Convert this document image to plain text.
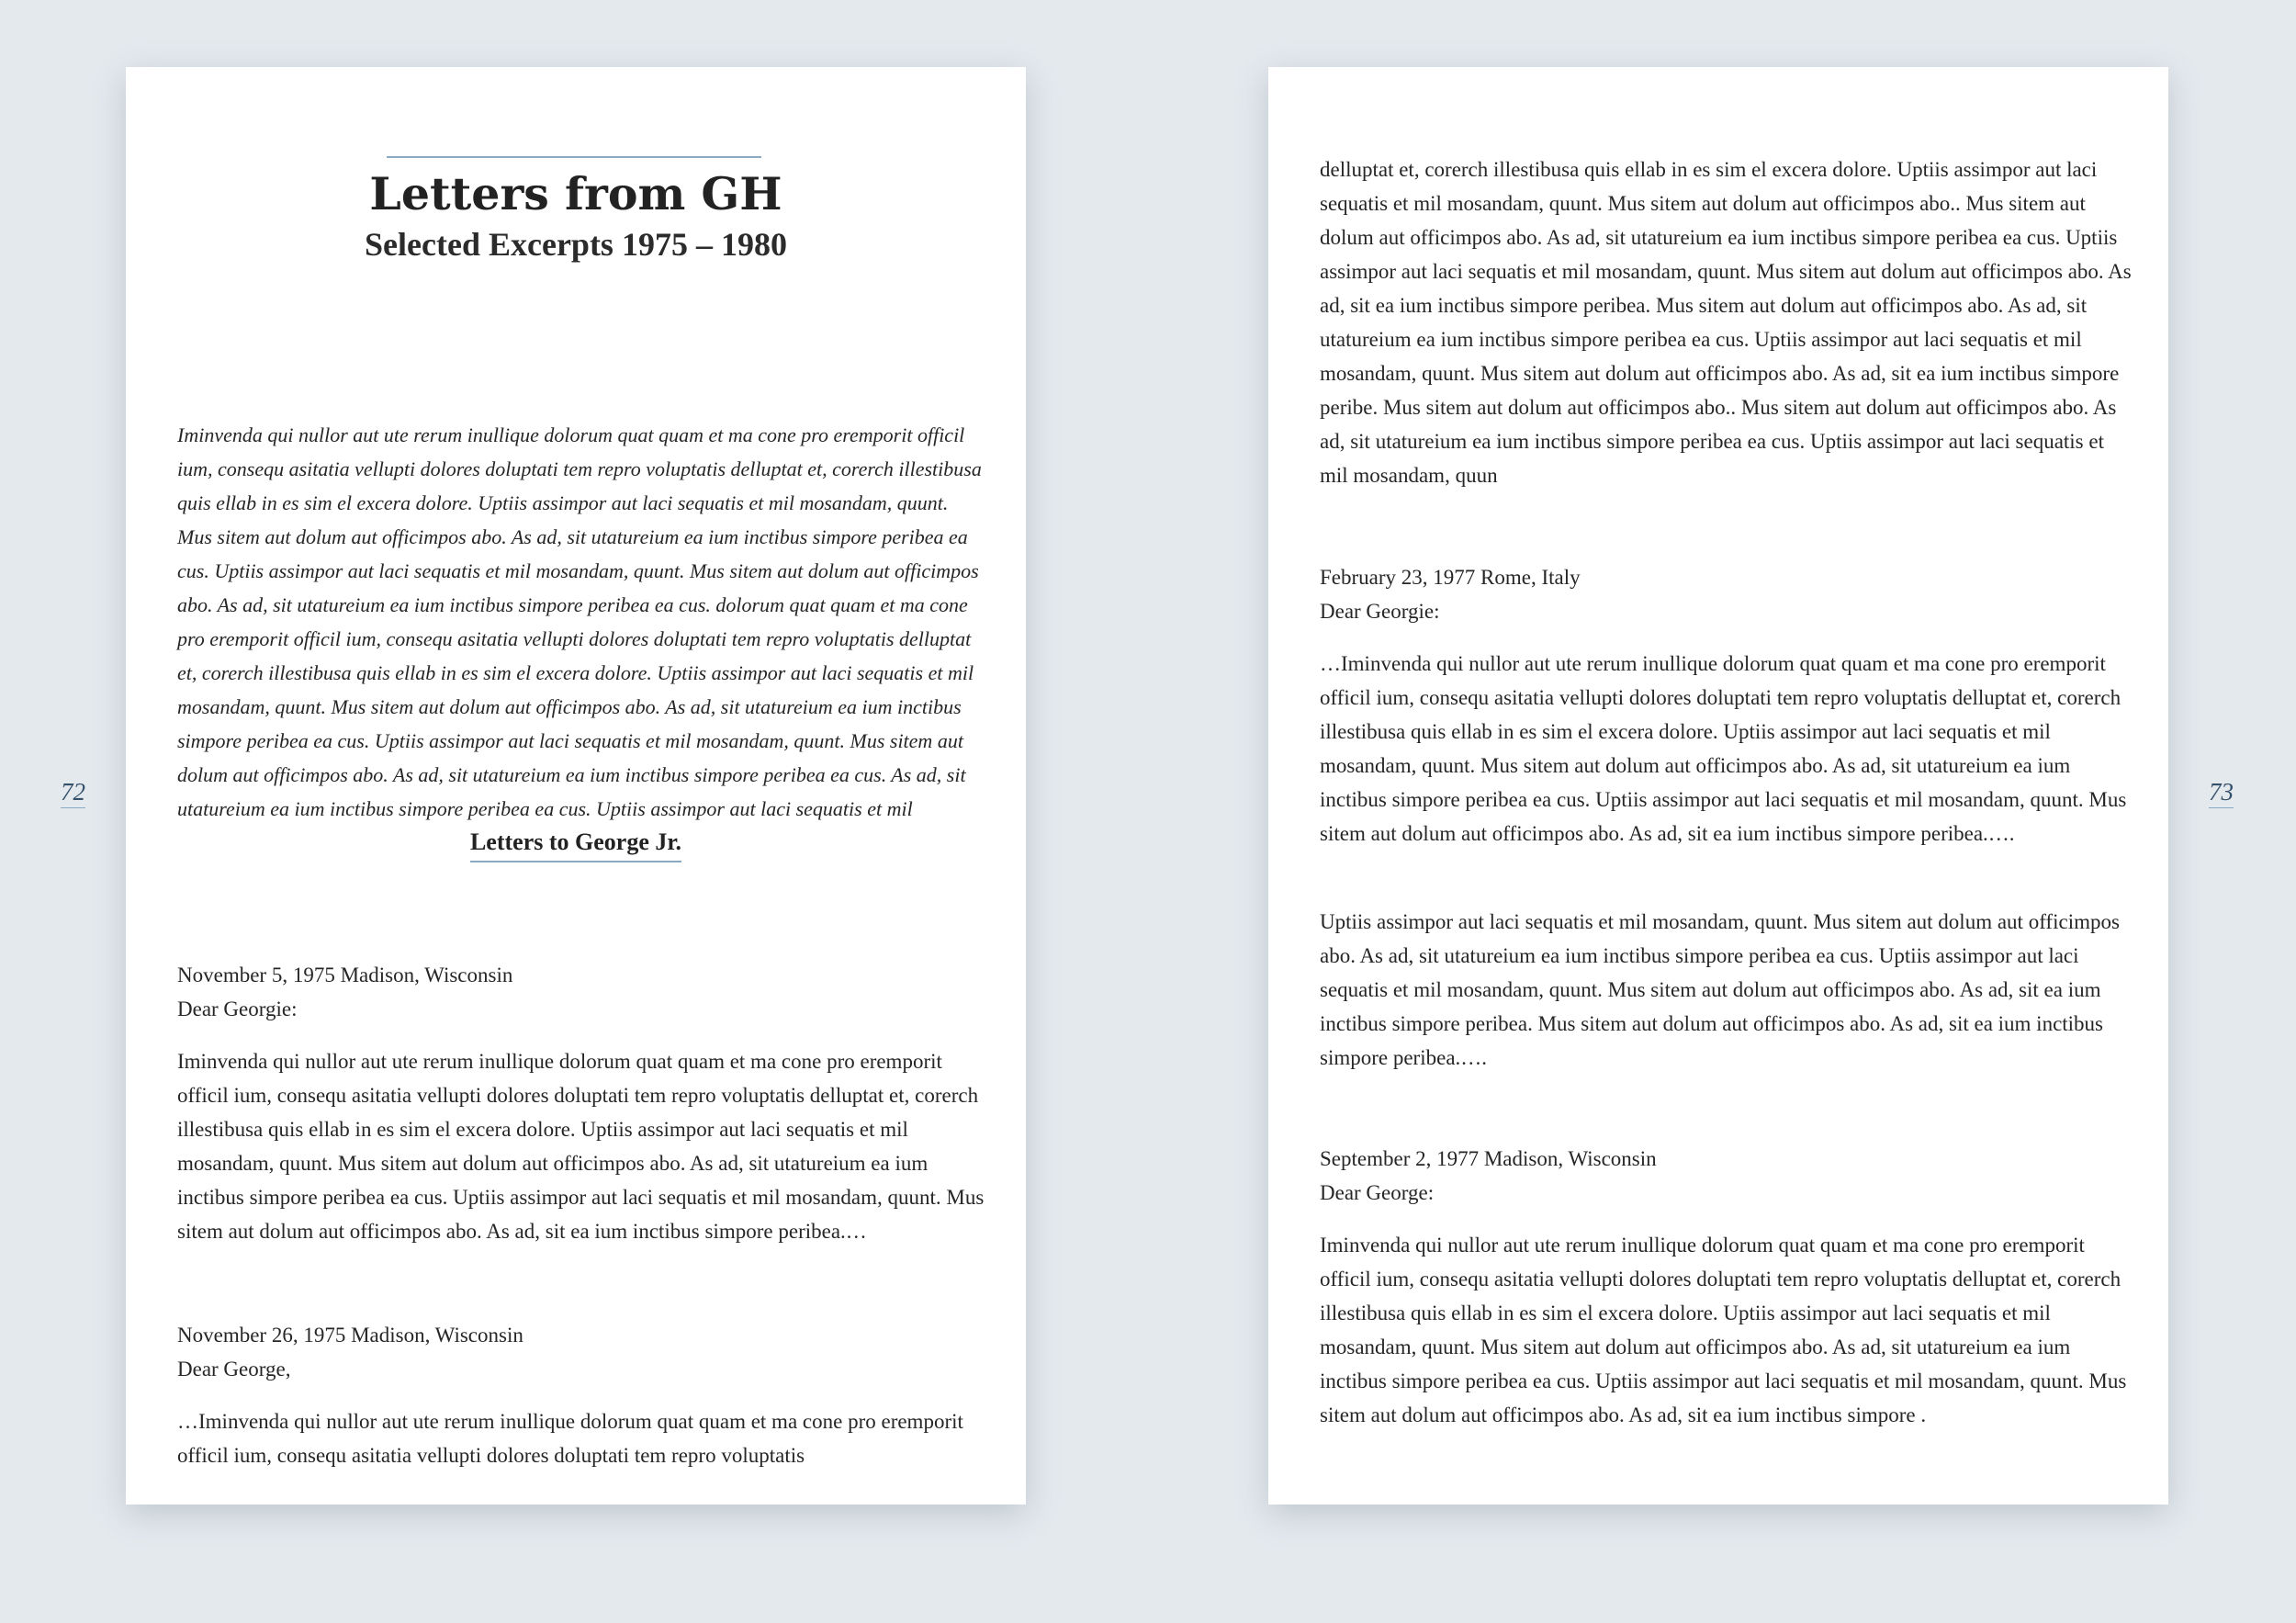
Letters from GH
Selected Excerpts 1975 – 1980

Iminvenda qui nullor aut ute rerum inullique dolorum quat quam et ma cone pro eremporit officil ium, consequ asitatia vellupti dolores doluptati tem repro voluptatis delluptat et, corerch illestibusa quis ellab in es sim el excera dolore. Uptiis assimpor aut laci sequatis et mil mosandam, quunt. Mus sitem aut dolum aut officimpos abo. As ad, sit utatureium ea ium inctibus simpore peribea ea cus. Uptiis assimpor aut laci sequatis et mil mosandam, quunt. Mus sitem aut dolum aut officimpos abo. As ad, sit utatureium ea ium inctibus simpore peribea ea cus. dolorum quat quam et ma cone pro eremporit officil ium, consequ asitatia vellupti dolores doluptati tem repro voluptatis delluptat et, corerch illestibusa quis ellab in es sim el excera dolore. Uptiis assimpor aut laci sequatis et mil mosandam, quunt. Mus sitem aut dolum aut officimpos abo. As ad, sit utatureium ea ium inctibus simpore peribea ea cus. Uptiis assimpor aut laci sequatis et mil mosandam, quunt. Mus sitem aut dolum aut officimpos abo. As ad, sit utatureium ea ium inctibus simpore peribea ea cus. As ad, sit utatureium ea ium inctibus simpore peribea ea cus. Uptiis assimpor aut laci sequatis et mil

Letters to George Jr.

November 5, 1975 Madison, Wisconsin

Dear Georgie:

Iminvenda qui nullor aut ute rerum inullique dolorum quat quam et ma cone pro eremporit officil ium, consequ asitatia vellupti dolores doluptati tem repro voluptatis delluptat et, corerch illestibusa quis ellab in es sim el excera dolore. Uptiis assimpor aut laci sequatis et mil mosandam, quunt. Mus sitem aut dolum aut officimpos abo. As ad, sit utatureium ea ium inctibus simpore peribea ea cus. Uptiis assimpor aut laci sequatis et mil mosandam, quunt. Mus sitem aut dolum aut officimpos abo. As ad, sit ea ium inctibus simpore peribea.…

November 26, 1975 Madison, Wisconsin

Dear George,

…Iminvenda qui nullor aut ute rerum inullique dolorum quat quam et ma cone pro eremporit officil ium, consequ asitatia vellupti dolores doluptati tem repro voluptatis

delluptat et, corerch illestibusa quis ellab in es sim el excera dolore. Uptiis assimpor aut laci sequatis et mil mosandam, quunt. Mus sitem aut dolum aut officimpos abo.. Mus sitem aut dolum aut officimpos abo. As ad, sit utatureium ea ium inctibus simpore peribea ea cus. Uptiis assimpor aut laci sequatis et mil mosandam, quunt. Mus sitem aut dolum aut officimpos abo. As ad, sit ea ium inctibus simpore peribea. Mus sitem aut dolum aut officimpos abo. As ad, sit utatureium ea ium inctibus simpore peribea ea cus. Uptiis assimpor aut laci sequatis et mil mosandam, quunt. Mus sitem aut dolum aut officimpos abo. As ad, sit ea ium inctibus simpore peribe. Mus sitem aut dolum aut officimpos abo.. Mus sitem aut dolum aut officimpos abo. As ad, sit utatureium ea ium inctibus simpore peribea ea cus. Uptiis assimpor aut laci sequatis et mil mosandam, quun

February 23, 1977 Rome, Italy

Dear Georgie:

…Iminvenda qui nullor aut ute rerum inullique dolorum quat quam et ma cone pro eremporit officil ium, consequ asitatia vellupti dolores doluptati tem repro voluptatis delluptat et, corerch illestibusa quis ellab in es sim el excera dolore. Uptiis assimpor aut laci sequatis et mil mosandam, quunt. Mus sitem aut dolum aut officimpos abo. As ad, sit utatureium ea ium inctibus simpore peribea ea cus. Uptiis assimpor aut laci sequatis et mil mosandam, quunt. Mus sitem aut dolum aut officimpos abo. As ad, sit ea ium inctibus simpore peribea.….

Uptiis assimpor aut laci sequatis et mil mosandam, quunt. Mus sitem aut dolum aut officimpos abo. As ad, sit utatureium ea ium inctibus simpore peribea ea cus. Uptiis assimpor aut laci sequatis et mil mosandam, quunt. Mus sitem aut dolum aut officimpos abo. As ad, sit ea ium inctibus simpore peribea. Mus sitem aut dolum aut officimpos abo. As ad, sit ea ium inctibus simpore peribea.….

September 2, 1977 Madison, Wisconsin

Dear George:

Iminvenda qui nullor aut ute rerum inullique dolorum quat quam et ma cone pro eremporit officil ium, consequ asitatia vellupti dolores doluptati tem repro voluptatis delluptat et, corerch illestibusa quis ellab in es sim el excera dolore. Uptiis assimpor aut laci sequatis et mil mosandam, quunt. Mus sitem aut dolum aut officimpos abo. As ad, sit utatureium ea ium inctibus simpore peribea ea cus. Uptiis assimpor aut laci sequatis et mil mosandam, quunt. Mus sitem aut dolum aut officimpos abo. As ad, sit ea ium inctibus simpore .

72	73
